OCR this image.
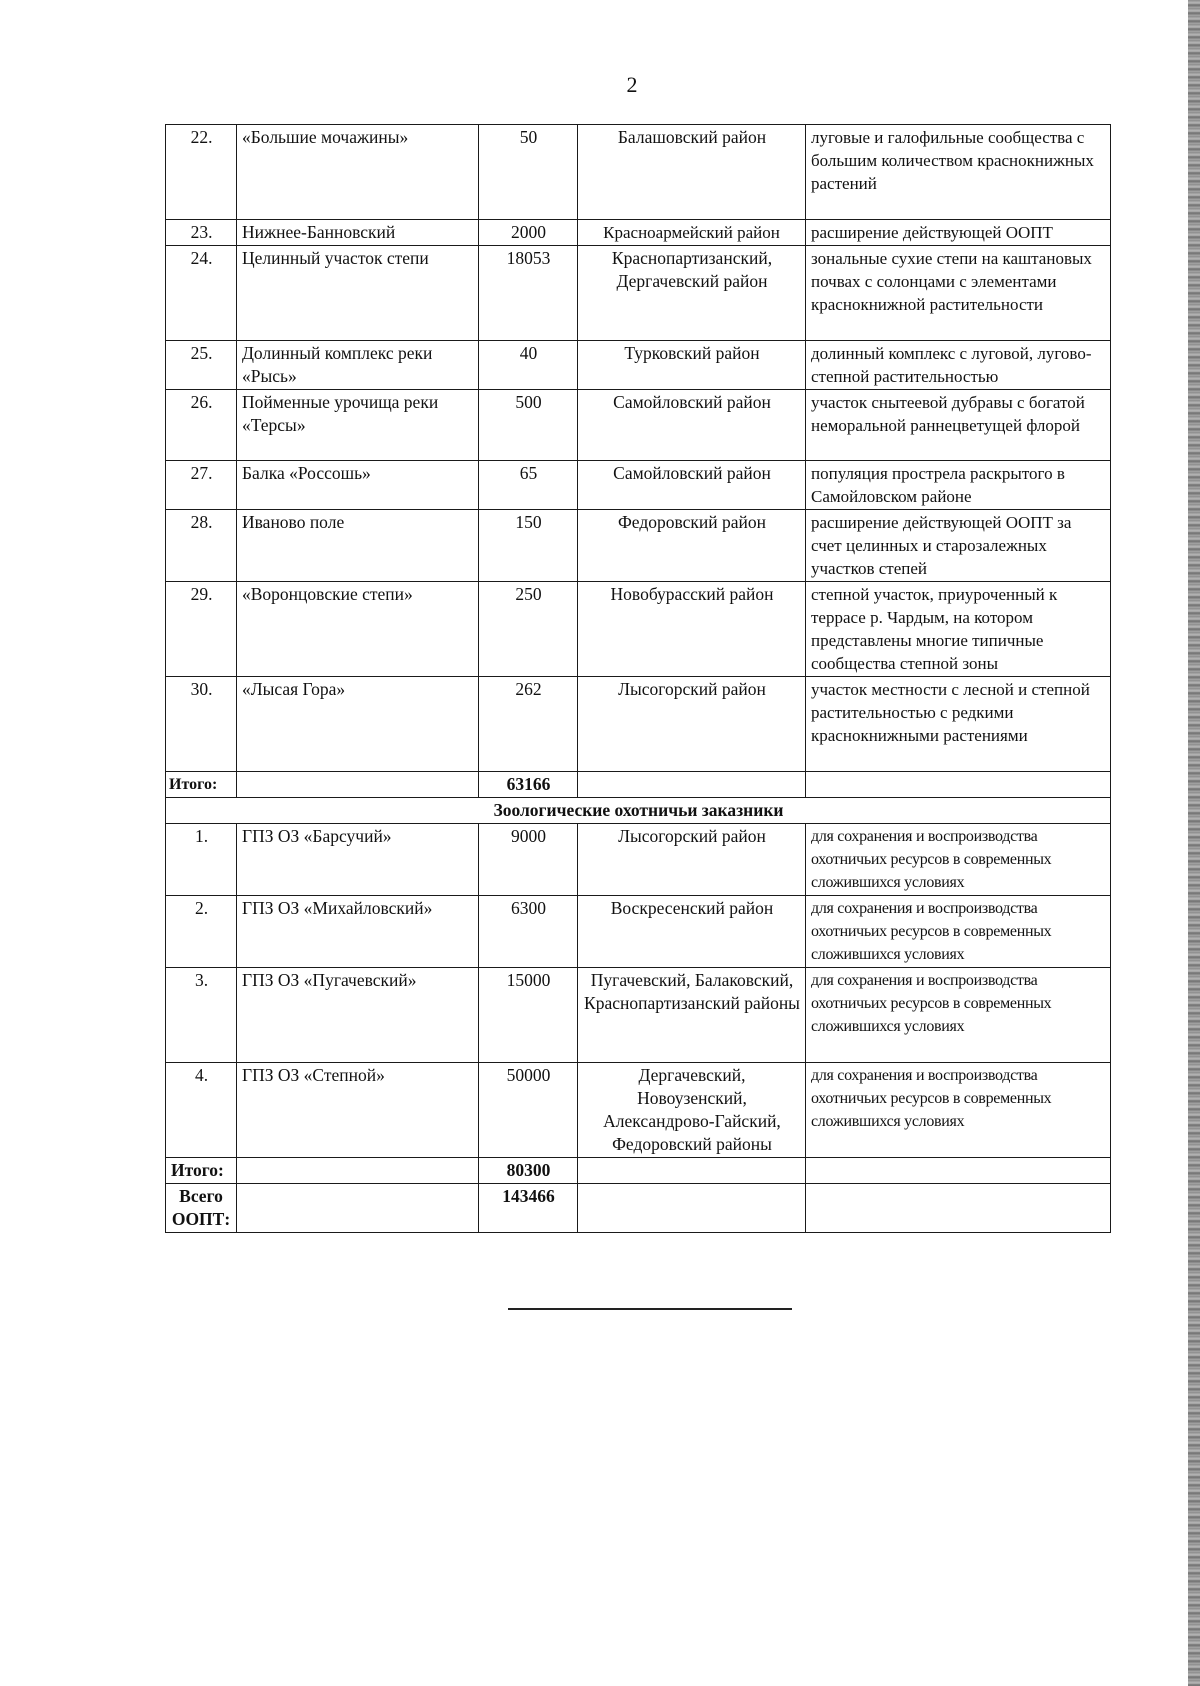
2
22.	«Большие мочажины»	50	Балашовский район	луговые и галофильные сообщества с большим количеством краснокнижных растений
23.	Нижнее-Банновский	2000	Красноармейский район	расширение действующей ООПТ
24.	Целинный участок степи	18053	Краснопартизанский, Дергачевский район	зональные сухие степи на каштановых почвах с солонцами с элементами краснокнижной растительности
25.	Долинный комплекс реки «Рысь»	40	Турковский район	долинный комплекс с луговой, лугово-степной растительностью
26.	Пойменные урочища реки «Терсы»	500	Самойловский район	участок снытеевой дубравы с богатой неморальной раннецветущей флорой
27.	Балка «Россошь»	65	Самойловский район	популяция прострела раскрытого в Самойловском районе
28.	Иваново поле	150	Федоровский район	расширение действующей ООПТ за счет целинных и старозалежных участков степей
29.	«Воронцовские степи»	250	Новобурасский район	степной участок, приуроченный к террасе р. Чардым, на котором представлены многие типичные сообщества степной зоны
30.	«Лысая Гора»	262	Лысогорский район	участок местности с лесной и степной растительностью с редкими краснокнижными растениями
Итого:		63166		
Зоологические охотничьи заказники				
1.	ГПЗ ОЗ «Барсучий»	9000	Лысогорский район	для сохранения и воспроизводства охотничьих ресурсов в современных сложившихся условиях
2.	ГПЗ ОЗ «Михайловский»	6300	Воскресенский район	для сохранения и воспроизводства охотничьих ресурсов в современных сложившихся условиях
3.	ГПЗ ОЗ «Пугачевский»	15000	Пугачевский, Балаковский, Краснопартизанский районы	для сохранения и воспроизводства охотничьих ресурсов в современных сложившихся условиях
4.	ГПЗ ОЗ «Степной»	50000	Дергачевский, Новоузенский, Александрово-Гайский, Федоровский районы	для сохранения и воспроизводства охотничьих ресурсов в современных сложившихся условиях
Итого:		80300		
Всего ООПТ:		143466		
